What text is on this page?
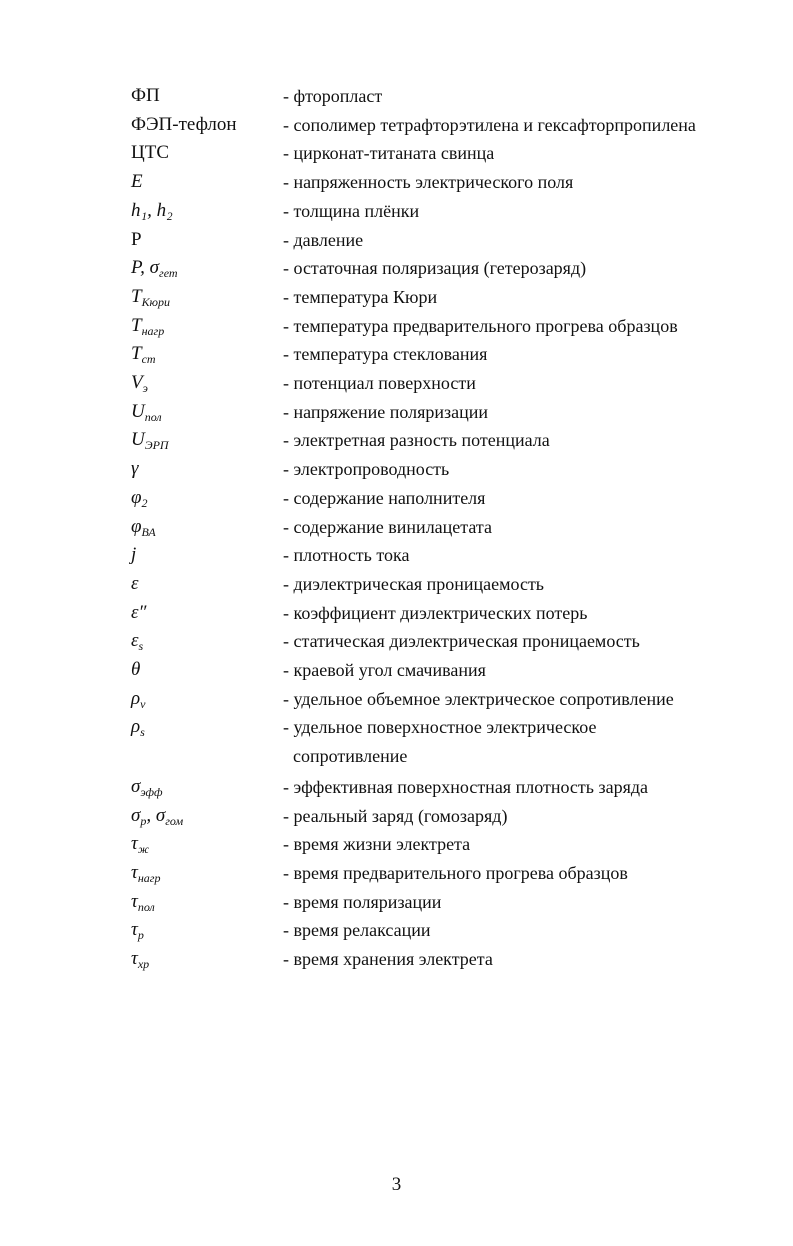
ФП	- фторопласт
ФЭП-тефлон	- сополимер тетрафторэтилена и гексафторпропилена
ЦТС	- цирконат-титаната свинца
E	- напряженность электрического поля
h₁, h₂	- толщина плёнки
P	- давление
P, $\sigma_{гет}$	- остаточная поляризация (гетерозаряд)
$T_{Кюри}$	- температура Кюри
$T_{нагр}$	- температура предварительного прогрева образцов
$T_{ст}$	- температура стеклования
$V_э$	- потенциал поверхности
$U_{пол}$	- напряжение поляризации
$U_{ЭРП}$	- электретная разность потенциала
γ	- электропроводность
$\varphi_2$	- содержание наполнителя
$\varphi_{ВА}$	- содержание винилацетата
j	- плотность тока
ε	- диэлектрическая проницаемость
ε″	- коэффициент диэлектрических потерь
$\varepsilon_s$	- статическая диэлектрическая проницаемость
θ	- краевой угол смачивания
$\rho_v$	- удельное объемное электрическое сопротивление
$\rho_s$	- удельное поверхностное электрическое
сопротивление
$\sigma_{эфф}$	- эффективная поверхностная плотность заряда
$\sigma_р$, $\sigma_{гом}$	- реальный заряд (гомозаряд)
$\tau_ж$	- время жизни электрета
$\tau_{нагр}$	- время предварительного прогрева образцов
$\tau_{пол}$	- время поляризации
$\tau_р$	- время релаксации
$\tau_{хр}$	- время хранения электрета
3
